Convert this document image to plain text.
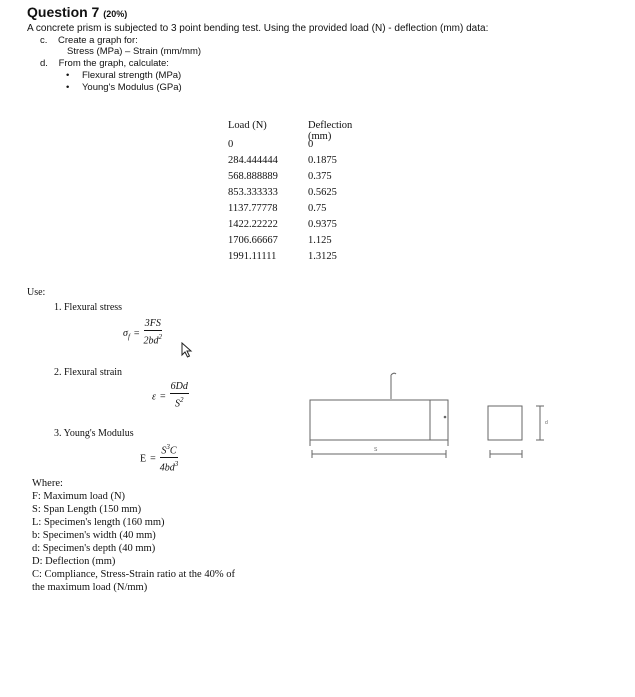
Question 7 (20%)
A concrete prism is subjected to 3 point bending test. Using the provided load (N) - deflection (mm) data:
c. Create a graph for:
Stress (MPa) – Strain (mm/mm)
d. From the graph, calculate:
• Flexural strength (MPa)
• Young's Modulus (GPa)
Load (N)	Deflection (mm)
0	0
284.444444	0.1875
568.888889	0.375
853.333333	0.5625
1137.77778	0.75
1422.22222	0.9375
1706.66667	1.125
1991.11111	1.3125
Use:
1. Flexural stress
$\sigma_f = \frac{3FS}{2bd^2}$
2. Flexural strain
$\varepsilon = \frac{6Dd}{S^2}$
3. Young's Modulus
$E = \frac{S^3C}{4bd^3}$
Where:
F: Maximum load (N)
S: Span Length (150 mm)
L: Specimen's length (160 mm)
b: Specimen's width (40 mm)
d: Specimen's depth (40 mm)
D: Deflection (mm)
C: Compliance, Stress-Strain ratio at the 40% of
the maximum load (N/mm)
S
d
